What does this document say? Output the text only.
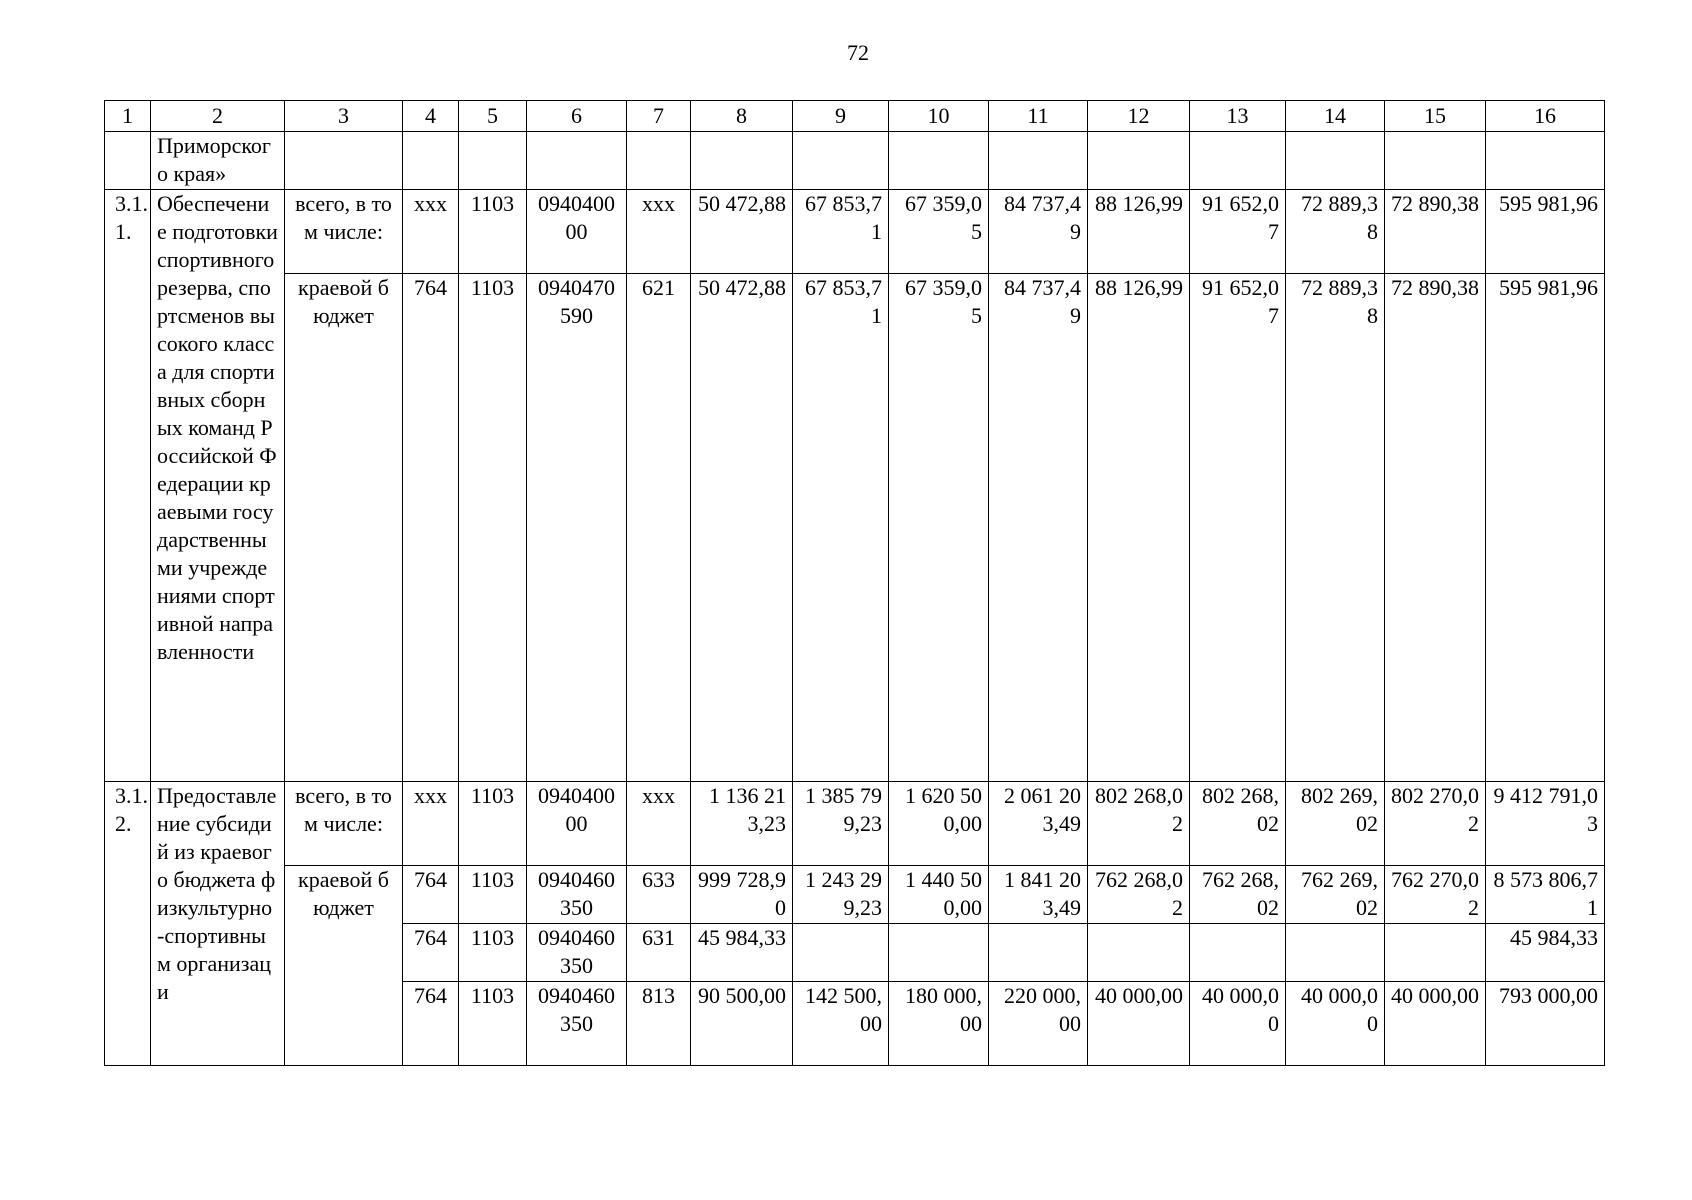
72
1	2	3	4	5	6	7	8	9	10	11	12	13	14	15	16
	Приморского края»														
3.1.1.	Обеспечение подготовки спортивного резерва, спортсменов высокого класса для спортивных сборных команд Российской Федерации краевыми государственными учреждениями спортивной направленности	всего, в том числе:	xxx	1103	094040000	xxx	50 472,88	67 853,71	67 359,05	84 737,49	88 126,99	91 652,07	72 889,38	72 890,38	595 981,96
		краевой бюджет	764	1103	0940470590	621	50 472,88	67 853,71	67 359,05	84 737,49	88 126,99	91 652,07	72 889,38	72 890,38	595 981,96
3.1.2.	Предоставление субсидий из краевого бюджета физкультурно-спортивным организаци	всего, в том числе:	xxx	1103	094040000	xxx	1 136 213,23	1 385 799,23	1 620 500,00	2 061 203,49	802 268,02	802 268,02	802 269,02	802 270,02	9 412 791,03
		краевой бюджет	764	1103	0940460350	633	999 728,90	1 243 299,23	1 440 500,00	1 841 203,49	762 268,02	762 268,02	762 269,02	762 270,02	8 573 806,71
			764	1103	0940460350	631	45 984,33								45 984,33
			764	1103	0940460350	813	90 500,00	142 500,00	180 000,00	220 000,00	40 000,00	40 000,00	40 000,00	40 000,00	793 000,00
